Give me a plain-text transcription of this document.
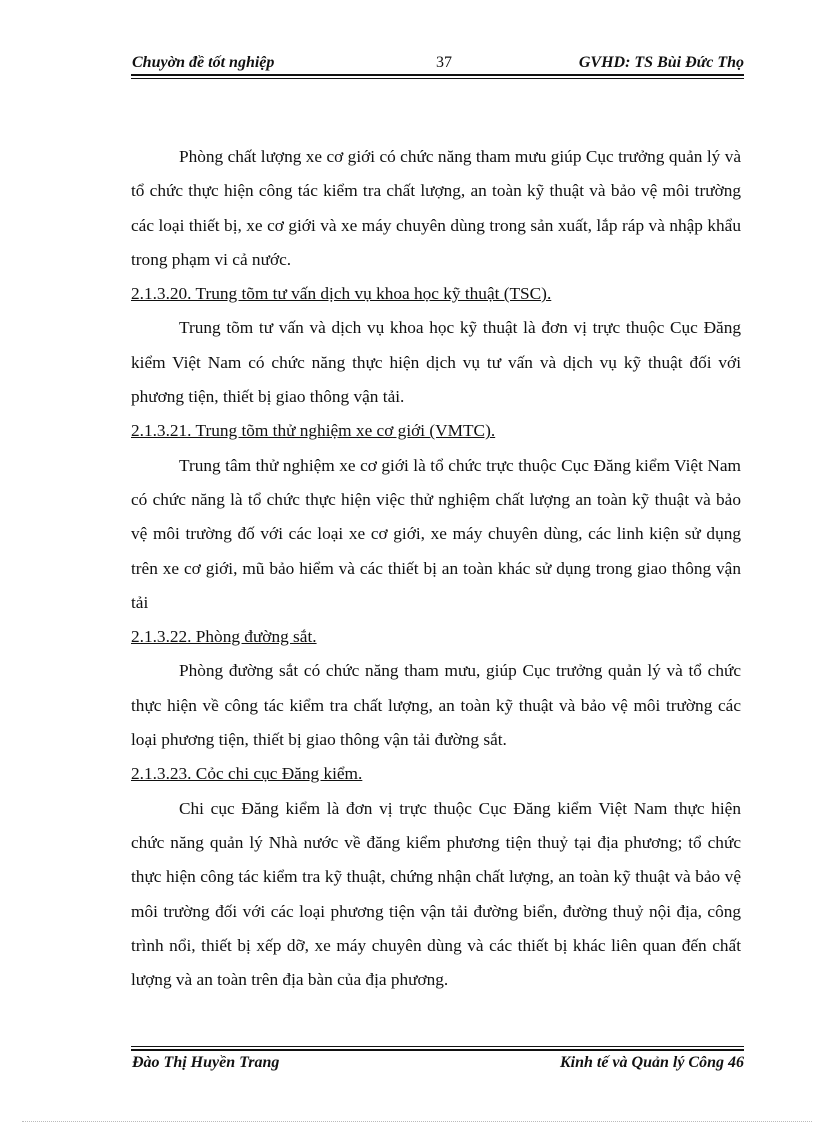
Chuyờn đề tốt nghiệp	37	GVHD: TS Bùi Đức Thọ

Phòng chất lượng xe cơ giới có chức năng tham mưu giúp Cục trưởng quản lý và tổ chức thực hiện công tác kiểm tra chất lượng, an toàn kỹ thuật và bảo vệ môi trường các loại thiết bị, xe cơ giới và xe máy chuyên dùng trong sản xuất, lắp ráp và nhập khẩu trong phạm vi cả nước.

2.1.3.20. Trung tõm tư vấn dịch vụ khoa học kỹ thuật (TSC).

Trung tõm tư vấn và dịch vụ khoa học kỹ thuật là đơn vị trực thuộc Cục Đăng kiểm Việt Nam có chức năng thực hiện dịch vụ tư vấn và dịch vụ kỹ thuật đối với phương tiện, thiết bị giao thông vận tải.

2.1.3.21. Trung tõm thử nghiệm xe cơ giới (VMTC).

Trung tâm thử nghiệm xe cơ giới là tổ chức trực thuộc Cục Đăng kiểm Việt Nam có chức năng là tổ chức thực hiện việc thử nghiệm chất lượng an toàn kỹ thuật và bảo vệ môi trường đố với các loại xe cơ giới, xe máy chuyên dùng, các linh kiện sử dụng trên xe cơ giới, mũ bảo hiểm và các thiết bị an toàn khác sử dụng trong giao thông vận tải

2.1.3.22. Phòng đường sắt.

Phòng đường sắt có chức năng tham mưu, giúp Cục trưởng quản lý và tổ chức thực hiện về công tác kiểm tra chất lượng, an toàn kỹ thuật và bảo vệ môi trường các loại phương tiện, thiết bị giao thông vận tải đường sắt.

2.1.3.23. Cỏc chi cục Đăng kiểm.

Chi cục Đăng kiểm là đơn vị trực thuộc Cục Đăng kiểm Việt Nam thực hiện chức năng quản lý Nhà nước về đăng kiểm phương tiện thuỷ tại địa phương; tổ chức thực hiện công tác kiểm tra kỹ thuật, chứng nhận chất lượng, an toàn kỹ thuật và bảo vệ môi trường đối với các loại phương tiện vận tải đường biển, đường thuỷ nội địa, công trình nổi, thiết bị xếp dỡ, xe máy chuyên dùng và các thiết bị khác liên quan đến chất lượng và an toàn trên địa bàn của địa phương.

Đào Thị Huyền Trang	Kinh tế và Quản lý Công 46
